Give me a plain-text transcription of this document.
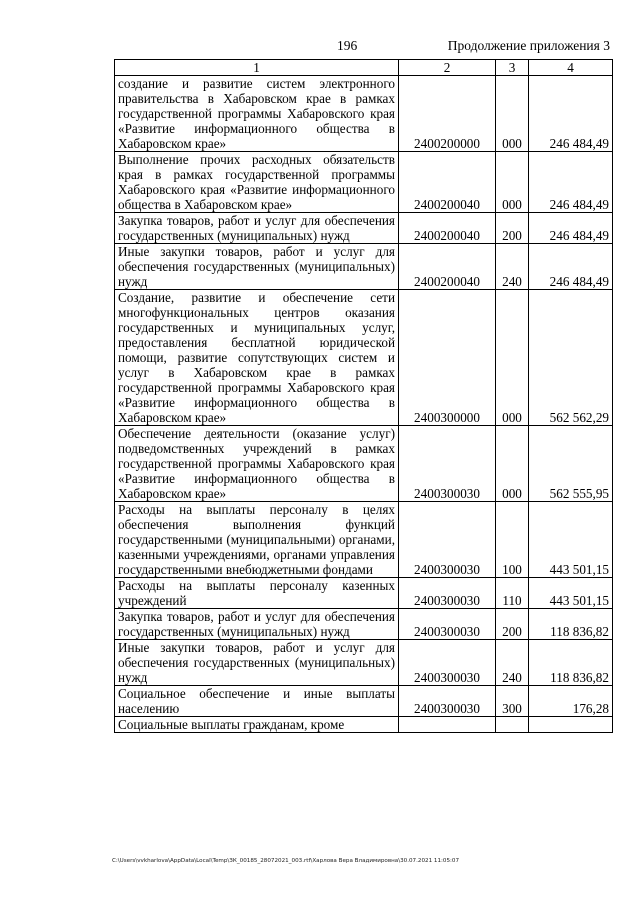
196	Продолжение приложения 3
1	2	3	4
создание и развитие систем электронного правительства в Хабаровском крае в рамках государственной программы Хабаровского края «Развитие информационного общества в Хабаровском крае»	2400200000	000	246 484,49
Выполнение прочих расходных обязательств края в рамках государственной программы Хабаровского края «Развитие информационного общества в Хабаровском крае»	2400200040	000	246 484,49
Закупка товаров, работ и услуг для обеспечения государственных (муниципальных) нужд	2400200040	200	246 484,49
Иные закупки товаров, работ и услуг для обеспечения государственных (муниципальных) нужд	2400200040	240	246 484,49
Создание, развитие и обеспечение сети многофункциональных центров оказания государственных и муниципальных услуг, предоставления бесплатной юридической помощи, развитие сопутствующих систем и услуг в Хабаровском крае в рамках государственной программы Хабаровского края «Развитие информационного общества в Хабаровском крае»	2400300000	000	562 562,29
Обеспечение деятельности (оказание услуг) подведомственных учреждений в рамках государственной программы Хабаровского края «Развитие информационного общества в Хабаровском крае»	2400300030	000	562 555,95
Расходы на выплаты персоналу в целях обеспечения выполнения функций государственными (муниципальными) органами, казенными учреждениями, органами управления государственными внебюджетными фондами	2400300030	100	443 501,15
Расходы на выплаты персоналу казенных учреждений	2400300030	110	443 501,15
Закупка товаров, работ и услуг для обеспечения государственных (муниципальных) нужд	2400300030	200	118 836,82
Иные закупки товаров, работ и услуг для обеспечения государственных (муниципальных) нужд	2400300030	240	118 836,82
Социальное обеспечение и иные выплаты населению	2400300030	300	176,28
Социальные выплаты гражданам, кроме			
C:\Users\vvkharlova\AppData\Local\Temp\ЗК_00185_28072021_003.rtf\Харлова Вера Владимировна\30.07.2021 11:05:07
